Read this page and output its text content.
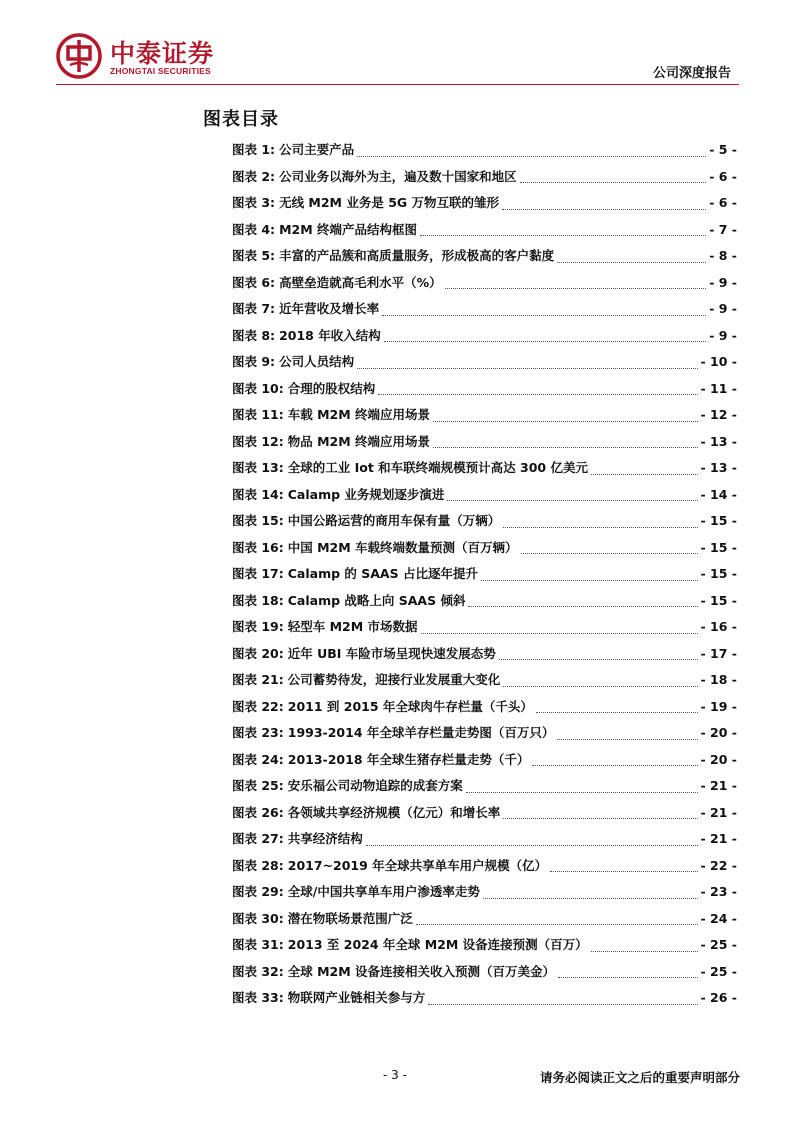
中泰证券
ZHONGTAI SECURITIES	公司深度报告
图表目录
图表 1: 公司主要产品	- 5 -
图表 2: 公司业务以海外为主，遍及数十国家和地区	- 6 -
图表 3: 无线 M2M 业务是 5G 万物互联的雏形	- 6 -
图表 4: M2M 终端产品结构框图	- 7 -
图表 5: 丰富的产品簇和高质量服务，形成极高的客户黏度	- 8 -
图表 6: 高壁垒造就高毛利水平（%）	- 9 -
图表 7: 近年营收及增长率	- 9 -
图表 8: 2018 年收入结构	- 9 -
图表 9: 公司人员结构	- 10 -
图表 10: 合理的股权结构	- 11 -
图表 11: 车载 M2M 终端应用场景	- 12 -
图表 12: 物品 M2M 终端应用场景	- 13 -
图表 13: 全球的工业 Iot 和车联终端规模预计高达 300 亿美元	- 13 -
图表 14: Calamp 业务规划逐步演进	- 14 -
图表 15: 中国公路运营的商用车保有量（万辆）	- 15 -
图表 16: 中国 M2M 车载终端数量预测（百万辆）	- 15 -
图表 17: Calamp 的 SAAS 占比逐年提升	- 15 -
图表 18: Calamp 战略上向 SAAS 倾斜	- 15 -
图表 19: 轻型车 M2M 市场数据	- 16 -
图表 20: 近年 UBI 车险市场呈现快速发展态势	- 17 -
图表 21: 公司蓄势待发，迎接行业发展重大变化	- 18 -
图表 22: 2011 到 2015 年全球肉牛存栏量（千头）	- 19 -
图表 23: 1993-2014 年全球羊存栏量走势图（百万只）	- 20 -
图表 24: 2013-2018 年全球生猪存栏量走势（千）	- 20 -
图表 25: 安乐福公司动物追踪的成套方案	- 21 -
图表 26: 各领域共享经济规模（亿元）和增长率	- 21 -
图表 27: 共享经济结构	- 21 -
图表 28: 2017~2019 年全球共享单车用户规模（亿）	- 22 -
图表 29: 全球/中国共享单车用户渗透率走势	- 23 -
图表 30: 潜在物联场景范围广泛	- 24 -
图表 31: 2013 至 2024 年全球 M2M 设备连接预测（百万）	- 25 -
图表 32: 全球 M2M 设备连接相关收入预测（百万美金）	- 25 -
图表 33: 物联网产业链相关参与方	- 26 -
- 3 -	请务必阅读正文之后的重要声明部分
